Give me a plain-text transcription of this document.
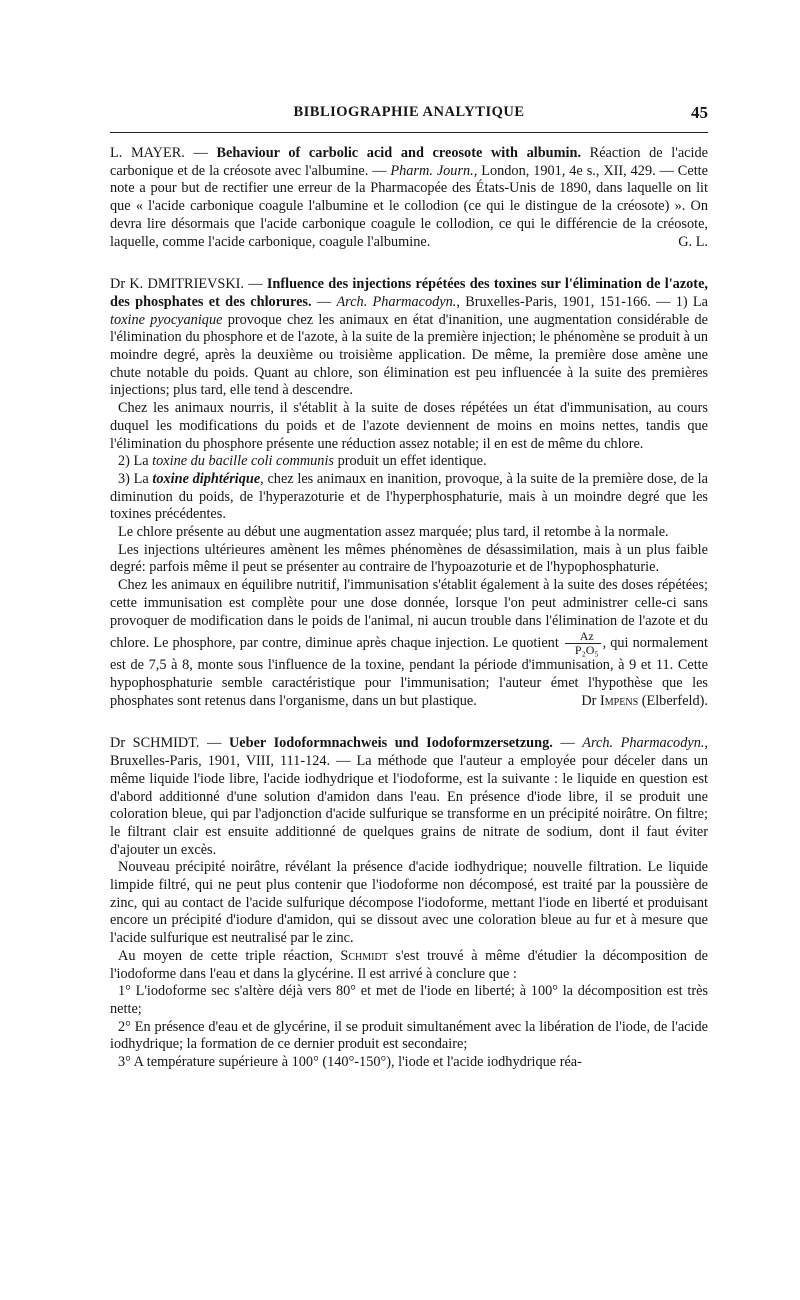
BIBLIOGRAPHIE ANALYTIQUE	45

L. MAYER. — Behaviour of carbolic acid and creosote with albumin. Réaction de l'acide carbonique et de la créosote avec l'albumine. — Pharm. Journ., London, 1901, 4e s., XII, 429. — Cette note a pour but de rectifier une erreur de la Pharmacopée des États-Unis de 1890, dans laquelle on lit que « l'acide carbonique coagule l'albumine et le collodion (ce qui le distingue de la créosote) ». On devra lire désormais que l'acide carbonique coagule le collodion, ce qui le différencie de la créosote, laquelle, comme l'acide carbonique, coagule l'albumine.	G. L.

Dr K. DMITRIEVSKI. — Influence des injections répétées des toxines sur l'élimination de l'azote, des phosphates et des chlorures. — Arch. Pharmacodyn., Bruxelles-Paris, 1901, 151-166. — 1) La toxine pyocyanique provoque chez les animaux en état d'inanition, une augmentation considérable de l'élimination du phosphore et de l'azote, à la suite de la première injection; le phénomène se produit à un moindre degré, après la deuxième ou troisième application. De même, la première dose amène une chute notable du poids. Quant au chlore, son élimination est peu influencée à la suite des premières injections; plus tard, elle tend à descendre.

Chez les animaux nourris, il s'établit à la suite de doses répétées un état d'immunisation, au cours duquel les modifications du poids et de l'azote deviennent de moins en moins nettes, tandis que l'élimination du phosphore présente une réduction assez notable; il en est de même du chlore.

2) La toxine du bacille coli communis produit un effet identique.

3) La toxine diphtérique, chez les animaux en inanition, provoque, à la suite de la première dose, de la diminution du poids, de l'hyperazoturie et de l'hyperphosphaturie, mais à un moindre degré que les toxines précédentes.

Le chlore présente au début une augmentation assez marquée; plus tard, il retombe à la normale.

Les injections ultérieures amènent les mêmes phénomènes de désassimilation, mais à un plus faible degré: parfois même il peut se présenter au contraire de l'hypoazoturie et de l'hypophosphaturie.

Chez les animaux en équilibre nutritif, l'immunisation s'établit également à la suite des doses répétées; cette immunisation est complète pour une dose donnée, lorsque l'on peut administrer celle-ci sans provoquer de modification dans le poids de l'animal, ni aucun trouble dans l'élimination de l'azote et du chlore. Le phosphore, par contre, diminue après chaque injection. Le quotient $\frac{Az}{\text{P₂O₅}}$ , qui normalement est de 7,5 à 8, monte sous l'influence de la toxine, pendant la période d'immunisation, à 9 et 11. Cette hypophosphaturie semble caractéristique pour l'immunisation; l'auteur émet l'hypothèse que les phosphates sont retenus dans l'organisme, dans un but plastique.	Dr Impens (Elberfeld).

Dr SCHMIDT. — Ueber Iodoformnachweis und Iodoformzersetzung. — Arch. Pharmacodyn., Bruxelles-Paris, 1901, VIII, 111-124. — La méthode que l'auteur a employée pour déceler dans un même liquide l'iode libre, l'acide iodhydrique et l'iodoforme, est la suivante : le liquide en question est d'abord additionné d'une solution d'amidon dans l'eau. En présence d'iode libre, il se produit une coloration bleue, qui par l'adjonction d'acide sulfurique se transforme en un précipité noirâtre. On filtre; le filtrant clair est ensuite additionné de quelques grains de nitrate de sodium, dont il faut éviter d'ajouter un excès.

Nouveau précipité noirâtre, révélant la présence d'acide iodhydrique; nouvelle filtration. Le liquide limpide filtré, qui ne peut plus contenir que l'iodoforme non décomposé, est traité par la poussière de zinc, qui au contact de l'acide sulfurique décompose l'iodoforme, mettant l'iode en liberté et produisant encore un précipité d'iodure d'amidon, qui se dissout avec une coloration bleue au fur et à mesure que l'acide sulfurique est neutralisé par le zinc.

Au moyen de cette triple réaction, Schmidt s'est trouvé à même d'étudier la décomposition de l'iodoforme dans l'eau et dans la glycérine. Il est arrivé à conclure que :

1° L'iodoforme sec s'altère déjà vers 80° et met de l'iode en liberté; à 100° la décomposition est très nette;

2° En présence d'eau et de glycérine, il se produit simultanément avec la libération de l'iode, de l'acide iodhydrique; la formation de ce dernier produit est secondaire;

3° A température supérieure à 100° (140°-150°), l'iode et l'acide iodhydrique réa-
